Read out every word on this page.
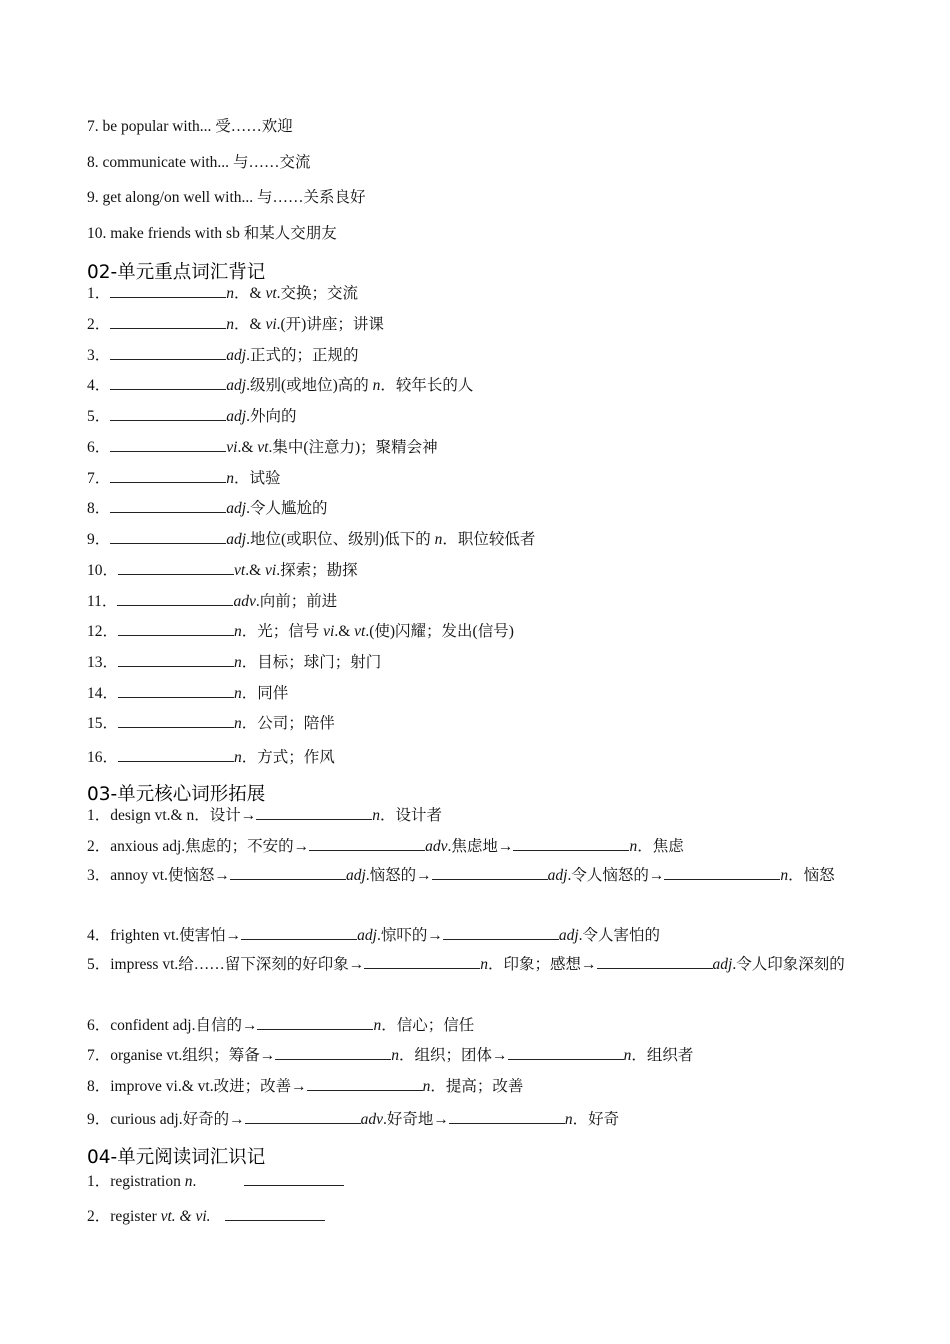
7. be popular with... 受……欢迎
8. communicate with... 与……交流
9. get along/on well with... 与……关系良好
10. make friends with sb 和某人交朋友
02-单元重点词汇背记
1．	n．& vt.交换；交流
2．	n．& vi.(开)讲座；讲课
3．	adj.正式的；正规的
4．	adj.级别(或地位)高的 n．较年长的人
5．	adj.外向的
6．	vi.& vt.集中(注意力)；聚精会神
7．	n．试验
8．	adj.令人尴尬的
9．	adj.地位(或职位、级别)低下的 n．职位较低者
10．	vt.& vi.探索；勘探
11．	adv.向前；前进
12．	n．光；信号 vi.& vt.(使)闪耀；发出(信号)
13．	n．目标；球门；射门
14．	n．同伴
15．	n．公司；陪伴
16．	n．方式；作风
03-单元核心词形拓展
1．design vt.& n．设计→	n．设计者
2．anxious adj.焦虑的；不安的→	adv.焦虑地→	n．焦虑
3．annoy vt.使恼怒→	adj.恼怒的→	adj.令人恼怒的→	n．恼怒
4．frighten vt.使害怕→	adj.惊吓的→	adj.令人害怕的
5．impress vt.给……留下深刻的好印象→	n．印象；感想→	adj.令人印象深刻的
6．confident adj.自信的→	n．信心；信任
7．organise vt.组织；筹备→	n．组织；团体→	n．组织者
8．improve vi.& vt.改进；改善→	n．提高；改善
9．curious adj.好奇的→	adv.好奇地→	n．好奇
04-单元阅读词汇识记
1．registration n.
2．register vt. & vi.
